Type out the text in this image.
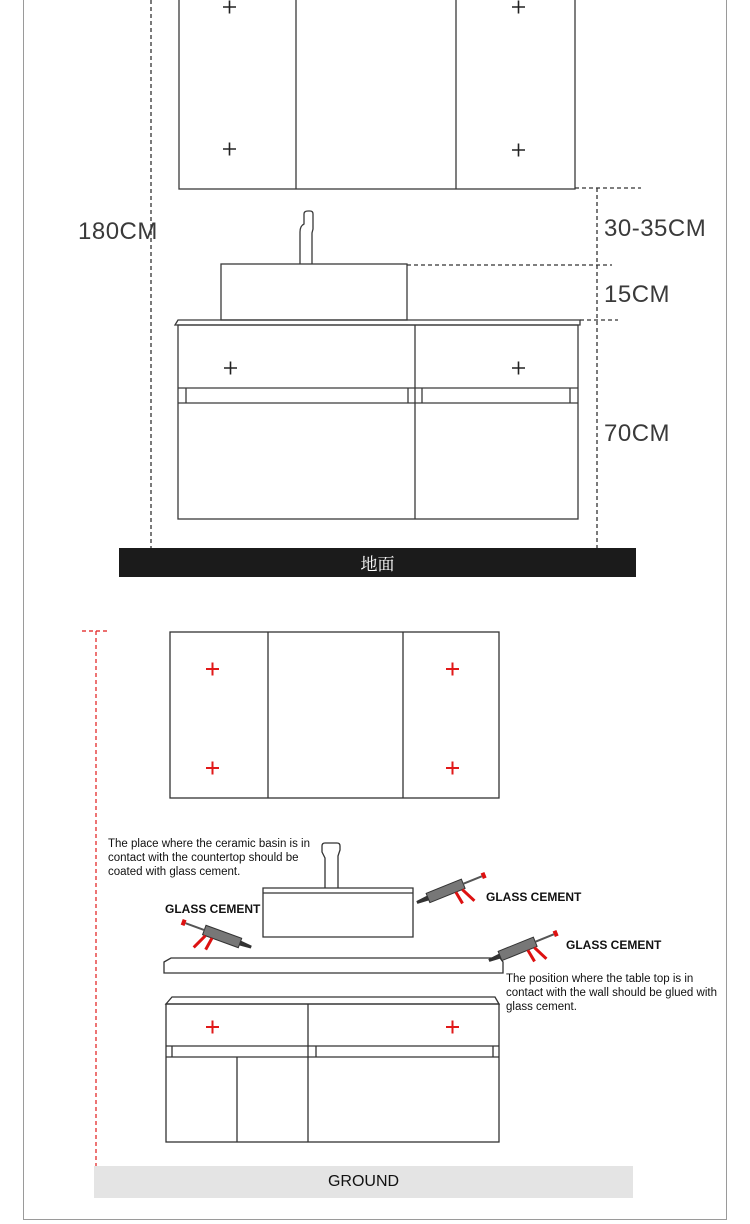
180CM	30-35CM
15CM
70CM
地面
The place where the ceramic basin is in contact with the countertop should be coated with glass cement.
GLASS CEMENT
GLASS CEMENT
GLASS CEMENT
The position where the table top is in contact with the wall should be glued with glass cement.
GROUND
